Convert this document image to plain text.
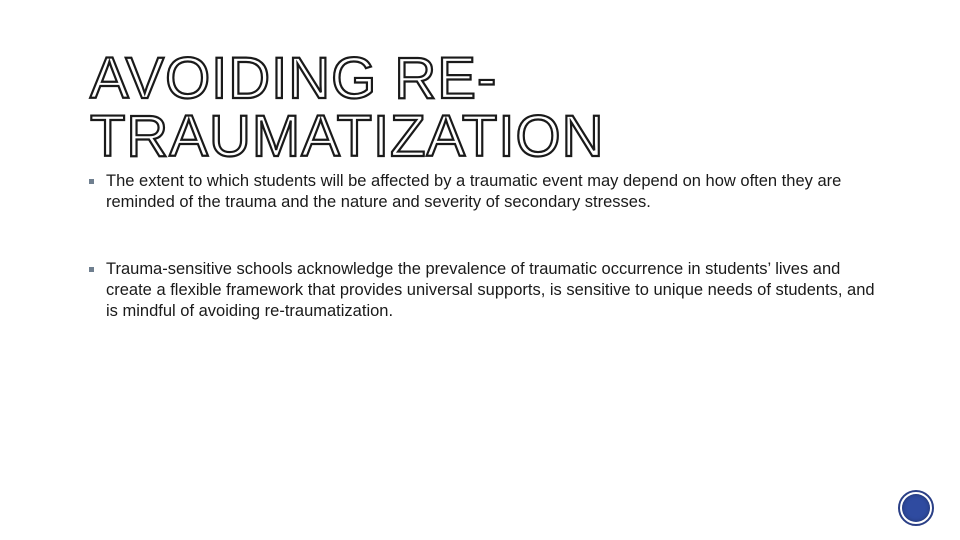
AVOIDING RE-
TRAUMATIZATION
The extent to which students will be affected by a traumatic event may depend on how often they are reminded of the trauma and the nature and severity of secondary stresses.
Trauma-sensitive schools acknowledge the prevalence of traumatic occurrence in students’ lives and create a flexible framework that provides universal supports, is sensitive to unique needs of students, and is mindful of avoiding re-traumatization.
